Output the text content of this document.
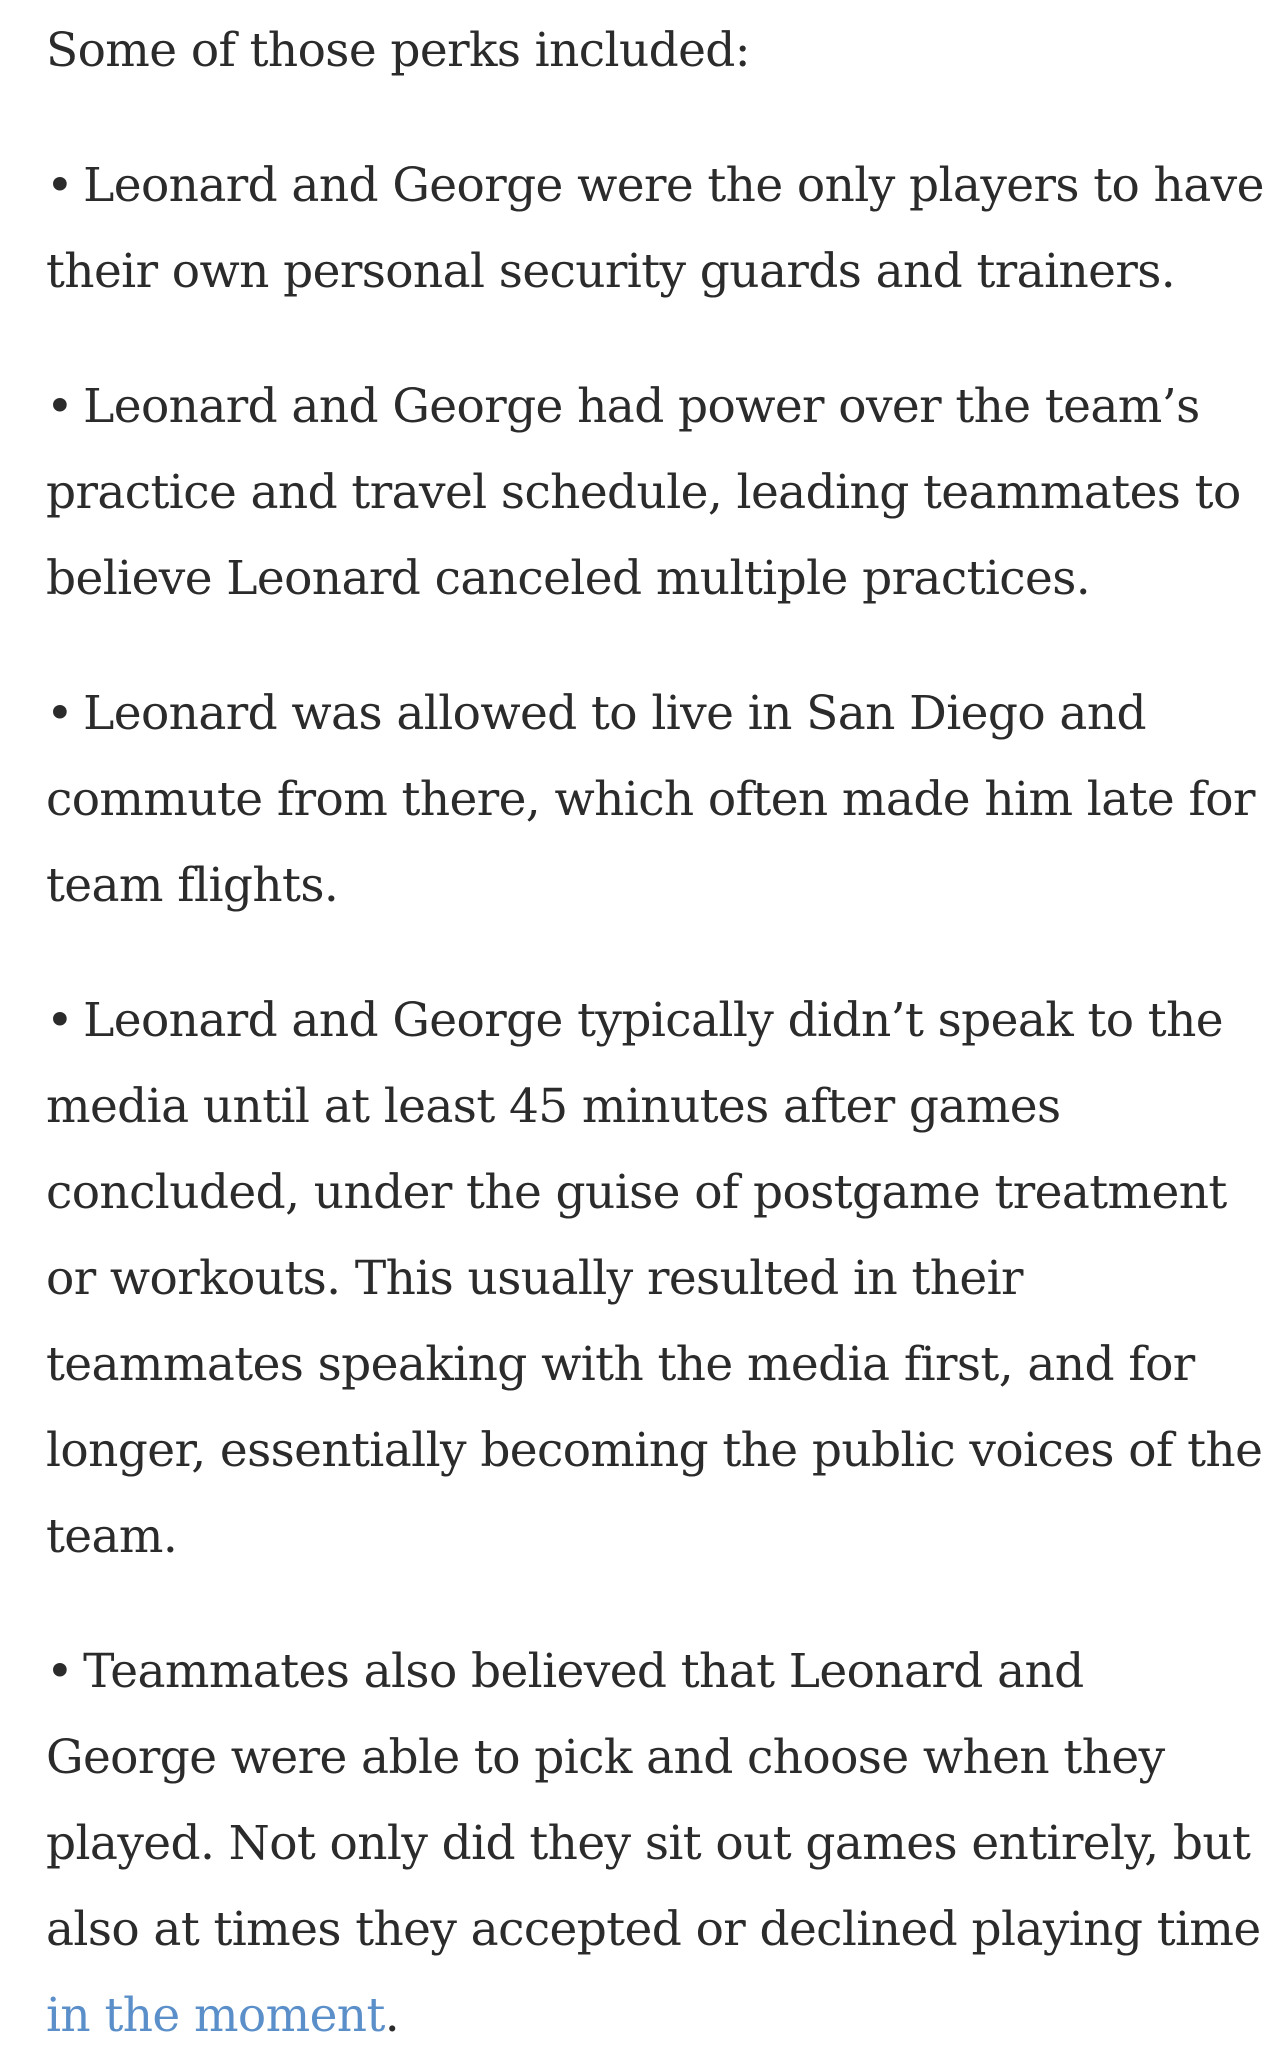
Some of those perks included:

• Leonard and George were the only players to have their own personal security guards and trainers.

• Leonard and George had power over the team’s practice and travel schedule, leading teammates to believe Leonard canceled multiple practices.

• Leonard was allowed to live in San Diego and commute from there, which often made him late for team flights.

• Leonard and George typically didn’t speak to the media until at least 45 minutes after games concluded, under the guise of postgame treatment or workouts. This usually resulted in their teammates speaking with the media first, and for longer, essentially becoming the public voices of the team.

• Teammates also believed that Leonard and George were able to pick and choose when they played. Not only did they sit out games entirely, but also at times they accepted or declined playing time in the moment.
